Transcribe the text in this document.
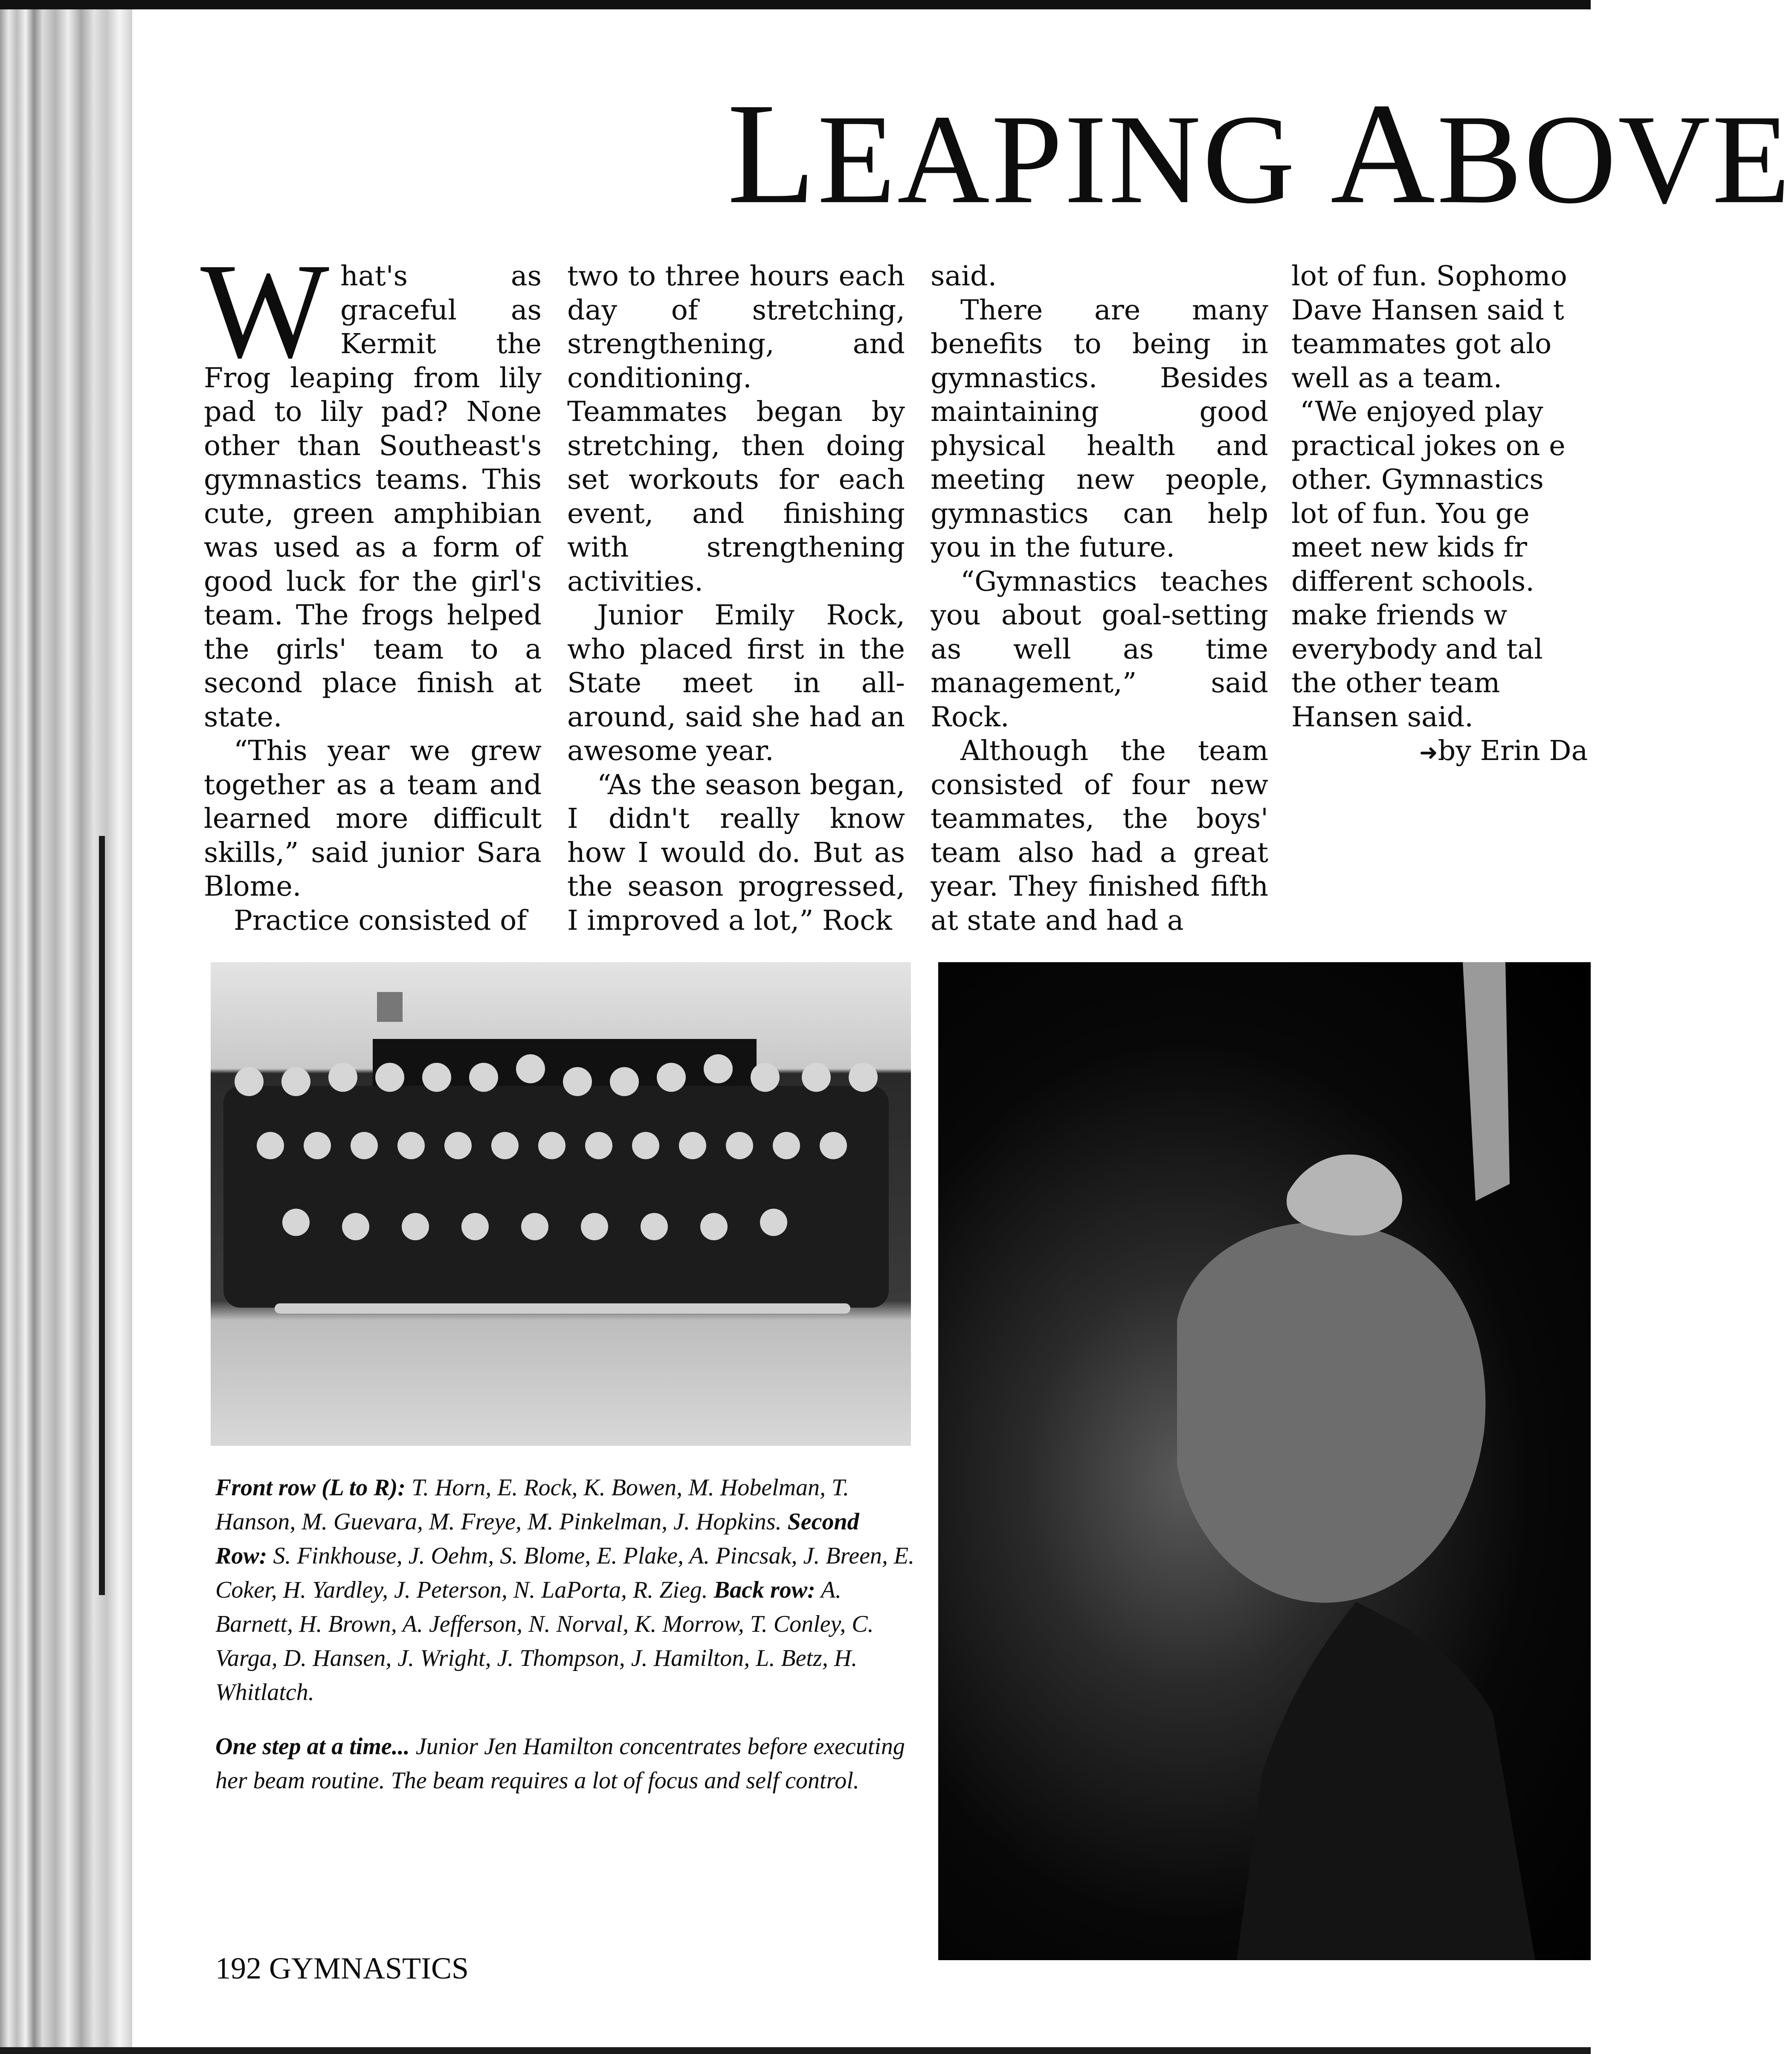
LEAPING ABOVE
W hat's as graceful as Kermit the Frog leaping from lily pad to lily pad? None other than Southeast's gymnastics teams. This cute, green amphibian was used as a form of good luck for the girl's team. The frogs helped the girls' team to a second place finish at state.

“This year we grew together as a team and learned more difficult skills,” said junior Sara Blome.

Practice consisted of

two to three hours each day of stretching, strengthening, and conditioning. Teammates began by stretching, then doing set workouts for each event, and finishing with strengthening activities.

Junior Emily Rock, who placed first in the State meet in all-around, said she had an awesome year.

“As the season began, I didn't really know how I would do. But as the season progressed, I improved a lot,” Rock

said.

There are many benefits to being in gymnastics. Besides maintaining good physical health and meeting new people, gymnastics can help you in the future.

“Gymnastics teaches you about goal-setting as well as time management,” said Rock.

Although the team consisted of four new teammates, the boys' team also had a great year. They finished fifth at state and had a

lot of fun. Sophomo
Dave Hansen said t
teammates got alo
well as a team.
“We enjoyed play
practical jokes on e
other. Gymnastics
lot of fun. You ge
meet new kids fr
different schools.
make friends w
everybody and tal
the other team
Hansen said.
➜by Erin Da

Front row (L to R): T. Horn, E. Rock, K. Bowen, M. Hobelman, T. Hanson, M. Guevara, M. Freye, M. Pinkelman, J. Hopkins. Second Row: S. Finkhouse, J. Oehm, S. Blome, E. Plake, A. Pincsak, J. Breen, E. Coker, H. Yardley, J. Peterson, N. LaPorta, R. Zieg. Back row: A. Barnett, H. Brown, A. Jefferson, N. Norval, K. Morrow, T. Conley, C. Varga, D. Hansen, J. Wright, J. Thompson, J. Hamilton, L. Betz, H. Whitlatch.

One step at a time... Junior Jen Hamilton concentrates before executing her beam routine. The beam requires a lot of focus and self control.

192 GYMNASTICS
